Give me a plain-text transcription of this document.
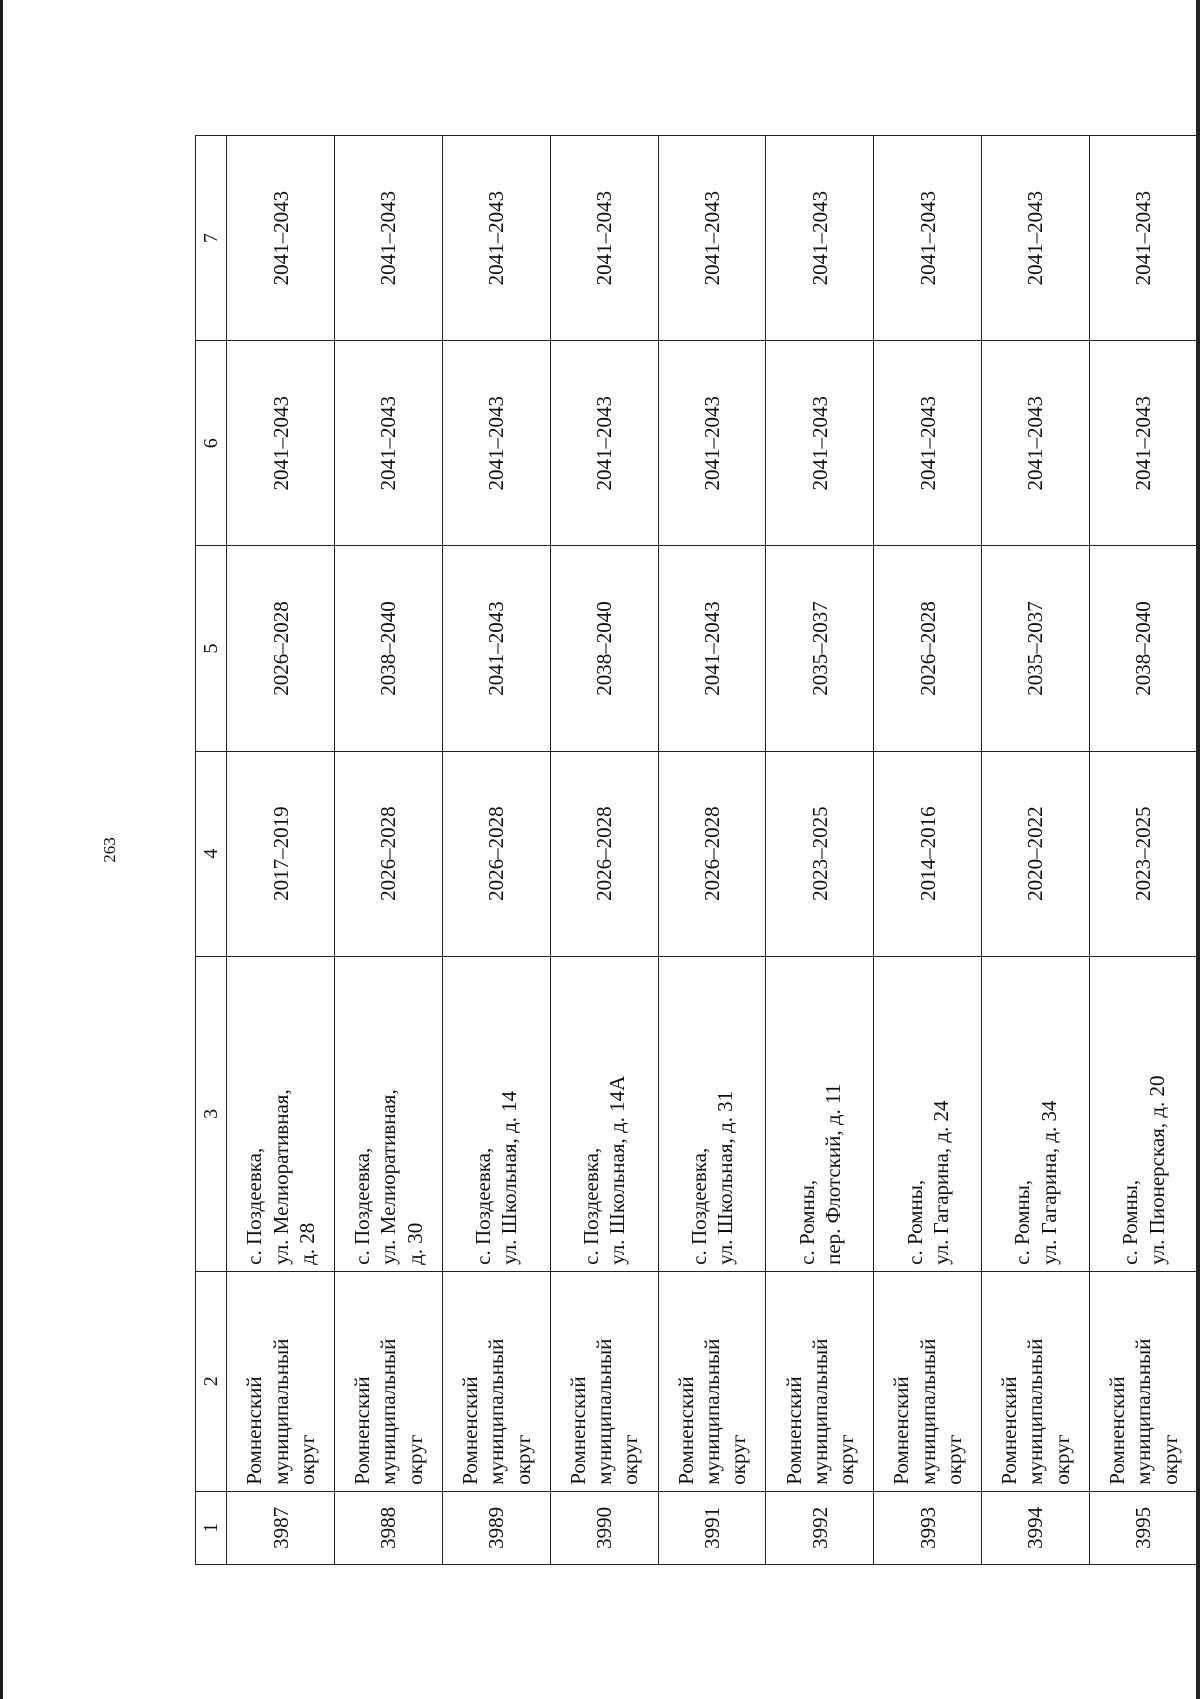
263
1	2	3	4	5	6	7
3987	Ромненский муниципальный округ	с. Поздеевка, ул. Мелиоративная, д. 28	2017–2019	2026–2028	2041–2043	2041–2043
3988	Ромненский муниципальный округ	с. Поздеевка, ул. Мелиоративная, д. 30	2026–2028	2038–2040	2041–2043	2041–2043
3989	Ромненский муниципальный округ	с. Поздеевка, ул. Школьная, д. 14	2026–2028	2041–2043	2041–2043	2041–2043
3990	Ромненский муниципальный округ	с. Поздеевка, ул. Школьная, д. 14А	2026–2028	2038–2040	2041–2043	2041–2043
3991	Ромненский муниципальный округ	с. Поздеевка, ул. Школьная, д. 31	2026–2028	2041–2043	2041–2043	2041–2043
3992	Ромненский муниципальный округ	с. Ромны, пер. Флотский, д. 11	2023–2025	2035–2037	2041–2043	2041–2043
3993	Ромненский муниципальный округ	с. Ромны, ул. Гагарина, д. 24	2014–2016	2026–2028	2041–2043	2041–2043
3994	Ромненский муниципальный округ	с. Ромны, ул. Гагарина, д. 34	2020–2022	2035–2037	2041–2043	2041–2043
3995	Ромненский муниципальный округ	с. Ромны, ул. Пионерская, д. 20	2023–2025	2038–2040	2041–2043	2041–2043
